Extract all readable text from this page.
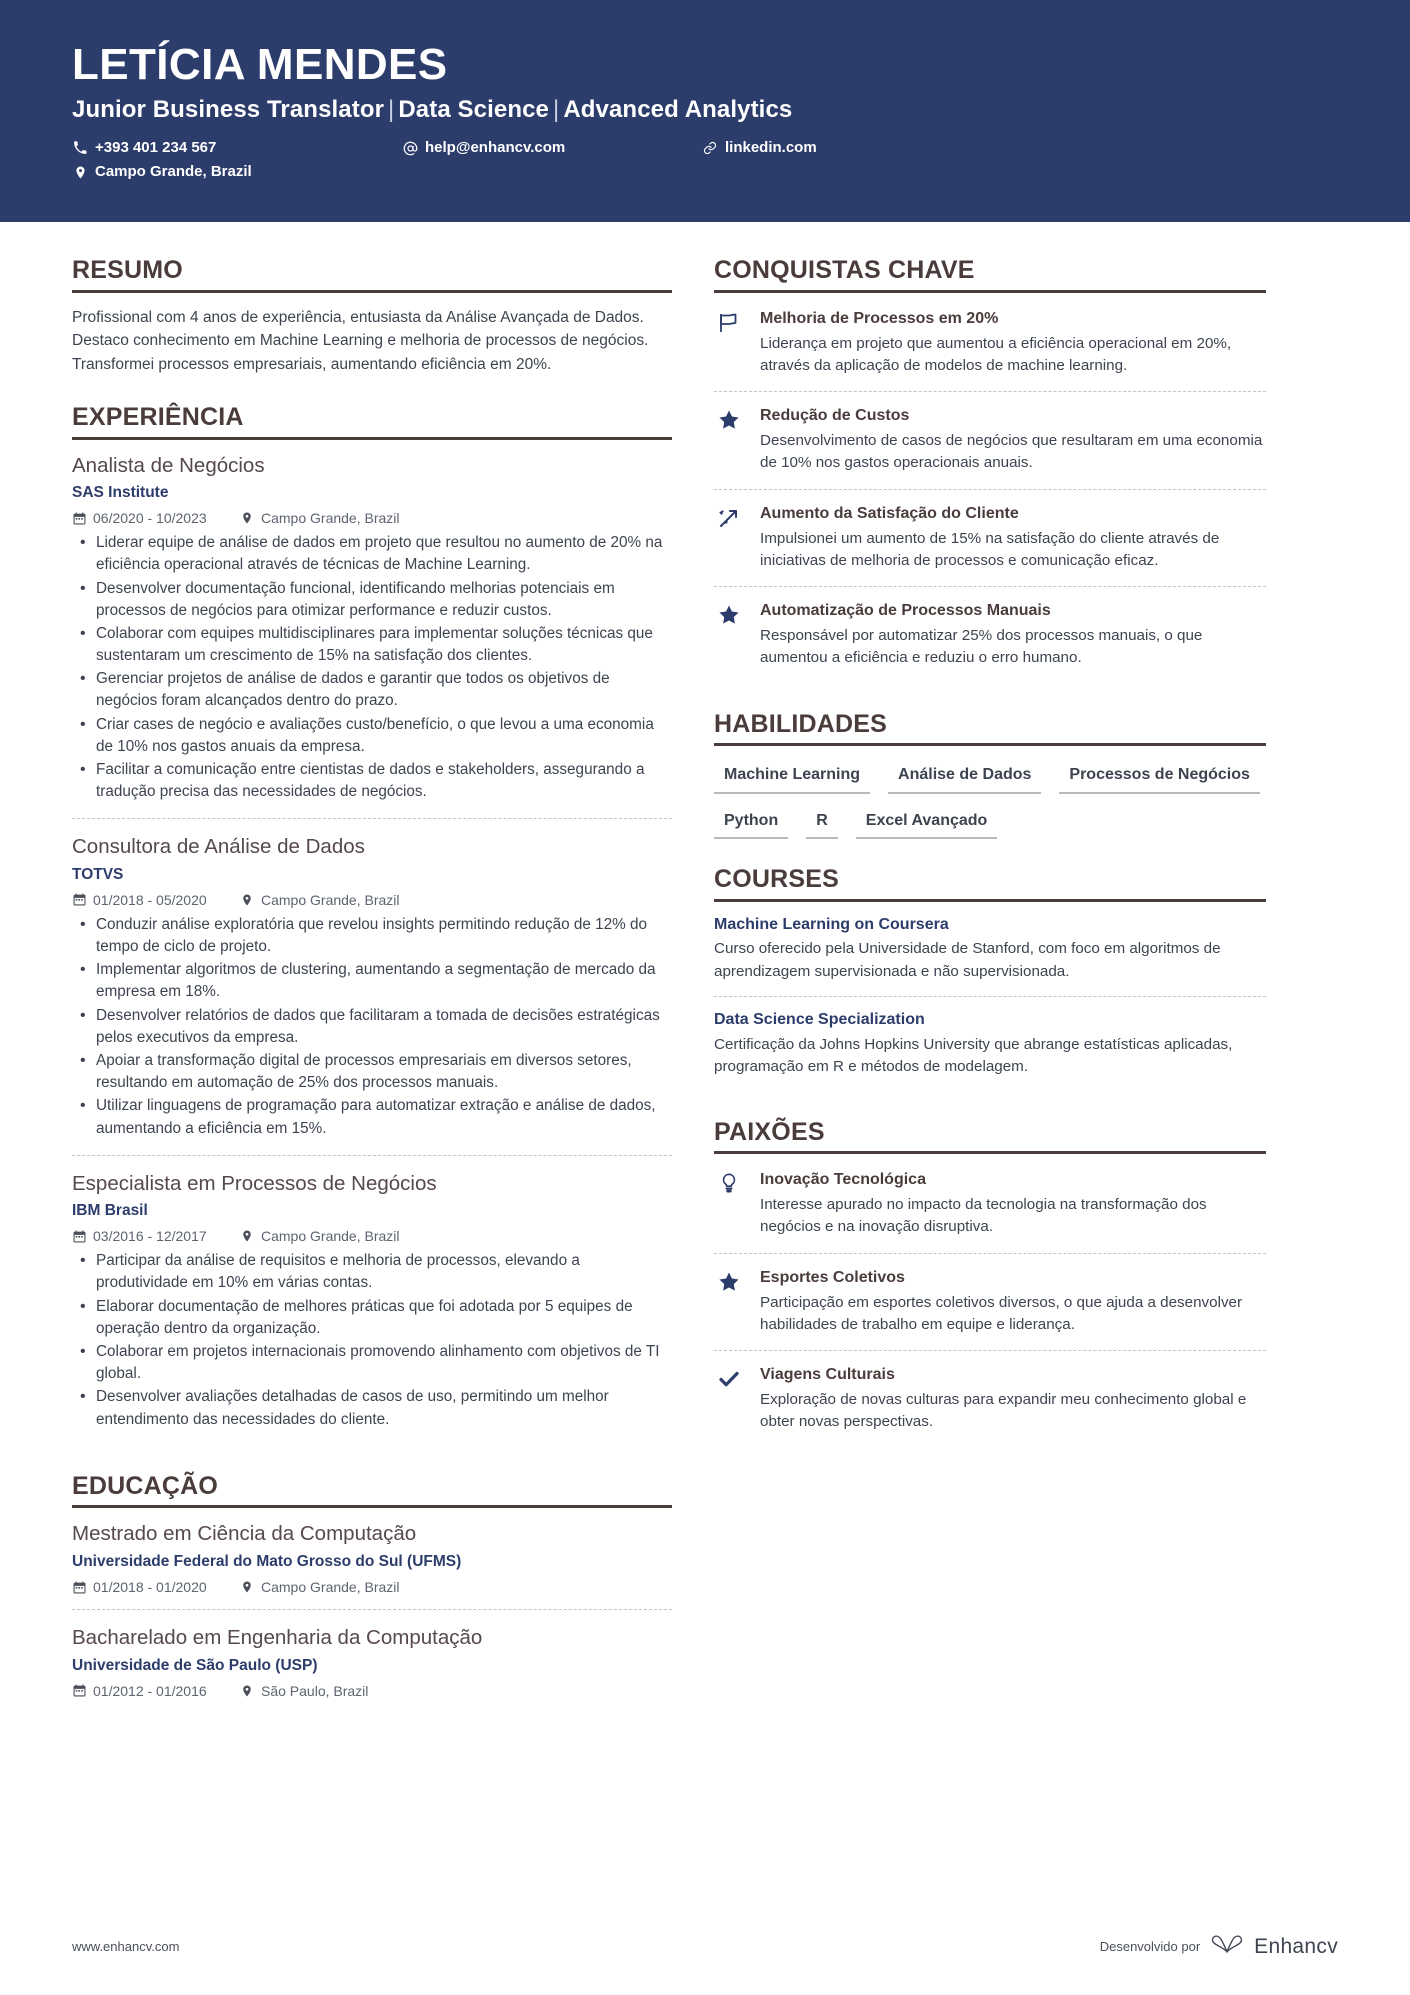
LETÍCIA MENDES
Junior Business Translator | Data Science | Advanced Analytics
+393 401 234 567	help@enhancv.com	linkedin.com
Campo Grande, Brazil
RESUMO

Profissional com 4 anos de experiência, entusiasta da Análise Avançada de Dados. Destaco conhecimento em Machine Learning e melhoria de processos de negócios. Transformei processos empresariais, aumentando eficiência em 20%.

EXPERIÊNCIA
Analista de Negócios
SAS Institute
06/2020 - 10/2023	Campo Grande, Brazil
• Liderar equipe de análise de dados em projeto que resultou no aumento de 20% na eficiência operacional através de técnicas de Machine Learning.
• Desenvolver documentação funcional, identificando melhorias potenciais em processos de negócios para otimizar performance e reduzir custos.
• Colaborar com equipes multidisciplinares para implementar soluções técnicas que sustentaram um crescimento de 15% na satisfação dos clientes.
• Gerenciar projetos de análise de dados e garantir que todos os objetivos de negócios foram alcançados dentro do prazo.
• Criar cases de negócio e avaliações custo/benefício, o que levou a uma economia de 10% nos gastos anuais da empresa.
• Facilitar a comunicação entre cientistas de dados e stakeholders, assegurando a tradução precisa das necessidades de negócios.
Consultora de Análise de Dados
TOTVS
01/2018 - 05/2020	Campo Grande, Brazil
• Conduzir análise exploratória que revelou insights permitindo redução de 12% do tempo de ciclo de projeto.
• Implementar algoritmos de clustering, aumentando a segmentação de mercado da empresa em 18%.
• Desenvolver relatórios de dados que facilitaram a tomada de decisões estratégicas pelos executivos da empresa.
• Apoiar a transformação digital de processos empresariais em diversos setores, resultando em automação de 25% dos processos manuais.
• Utilizar linguagens de programação para automatizar extração e análise de dados, aumentando a eficiência em 15%.
Especialista em Processos de Negócios
IBM Brasil
03/2016 - 12/2017	Campo Grande, Brazil
• Participar da análise de requisitos e melhoria de processos, elevando a produtividade em 10% em várias contas.
• Elaborar documentação de melhores práticas que foi adotada por 5 equipes de operação dentro da organização.
• Colaborar em projetos internacionais promovendo alinhamento com objetivos de TI global.
• Desenvolver avaliações detalhadas de casos de uso, permitindo um melhor entendimento das necessidades do cliente.
EDUCAÇÃO
Mestrado em Ciência da Computação
Universidade Federal do Mato Grosso do Sul (UFMS)
01/2018 - 01/2020	Campo Grande, Brazil
Bacharelado em Engenharia da Computação
Universidade de São Paulo (USP)
01/2012 - 01/2016	São Paulo, Brazil
CONQUISTAS CHAVE
Melhoria de Processos em 20%
Liderança em projeto que aumentou a eficiência operacional em 20%, através da aplicação de modelos de machine learning.
Redução de Custos
Desenvolvimento de casos de negócios que resultaram em uma economia de 10% nos gastos operacionais anuais.
Aumento da Satisfação do Cliente
Impulsionei um aumento de 15% na satisfação do cliente através de iniciativas de melhoria de processos e comunicação eficaz.
Automatização de Processos Manuais
Responsável por automatizar 25% dos processos manuais, o que aumentou a eficiência e reduziu o erro humano.
HABILIDADES
Machine Learning	Análise de Dados	Processos de Negócios
Python	R	Excel Avançado
COURSES
Machine Learning on Coursera
Curso oferecido pela Universidade de Stanford, com foco em algoritmos de aprendizagem supervisionada e não supervisionada.
Data Science Specialization
Certificação da Johns Hopkins University que abrange estatísticas aplicadas, programação em R e métodos de modelagem.
PAIXÕES
Inovação Tecnológica
Interesse apurado no impacto da tecnologia na transformação dos negócios e na inovação disruptiva.
Esportes Coletivos
Participação em esportes coletivos diversos, o que ajuda a desenvolver habilidades de trabalho em equipe e liderança.
Viagens Culturais
Exploração de novas culturas para expandir meu conhecimento global e obter novas perspectivas.
www.enhancv.com	Desenvolvido por	Enhancv
